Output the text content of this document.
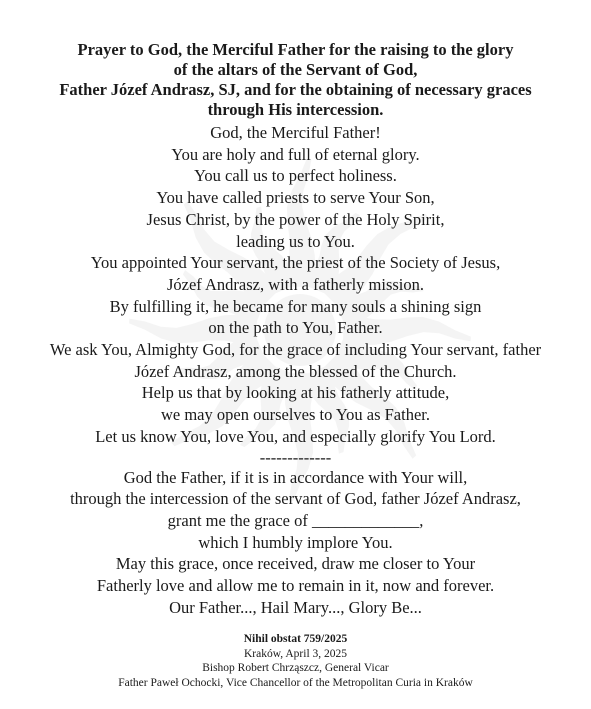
Prayer to God, the Merciful Father for the raising to the glory
of the altars of the Servant of God,
Father Józef Andrasz, SJ, and for the obtaining of necessary graces
through His intercession.
God, the Merciful Father!
You are holy and full of eternal glory.
You call us to perfect holiness.
You have called priests to serve Your Son,
Jesus Christ, by the power of the Holy Spirit,
leading us to You.
You appointed Your servant, the priest of the Society of Jesus,
Józef Andrasz, with a fatherly mission.
By fulfilling it, he became for many souls a shining sign
on the path to You, Father.
We ask You, Almighty God, for the grace of including Your servant, father
Józef Andrasz, among the blessed of the Church.
Help us that by looking at his fatherly attitude,
we may open ourselves to You as Father.
Let us know You, love You, and especially glorify You Lord.
-------------
God the Father, if it is in accordance with Your will,
through the intercession of the servant of God, father Józef Andrasz,
grant me the grace of _____________,
which I humbly implore You.
May this grace, once received, draw me closer to Your
Fatherly love and allow me to remain in it, now and forever.
Our Father..., Hail Mary..., Glory Be...
Nihil obstat 759/2025
Kraków, April 3, 2025
Bishop Robert Chrząszcz, General Vicar
Father Paweł Ochocki, Vice Chancellor of the Metropolitan Curia in Kraków
